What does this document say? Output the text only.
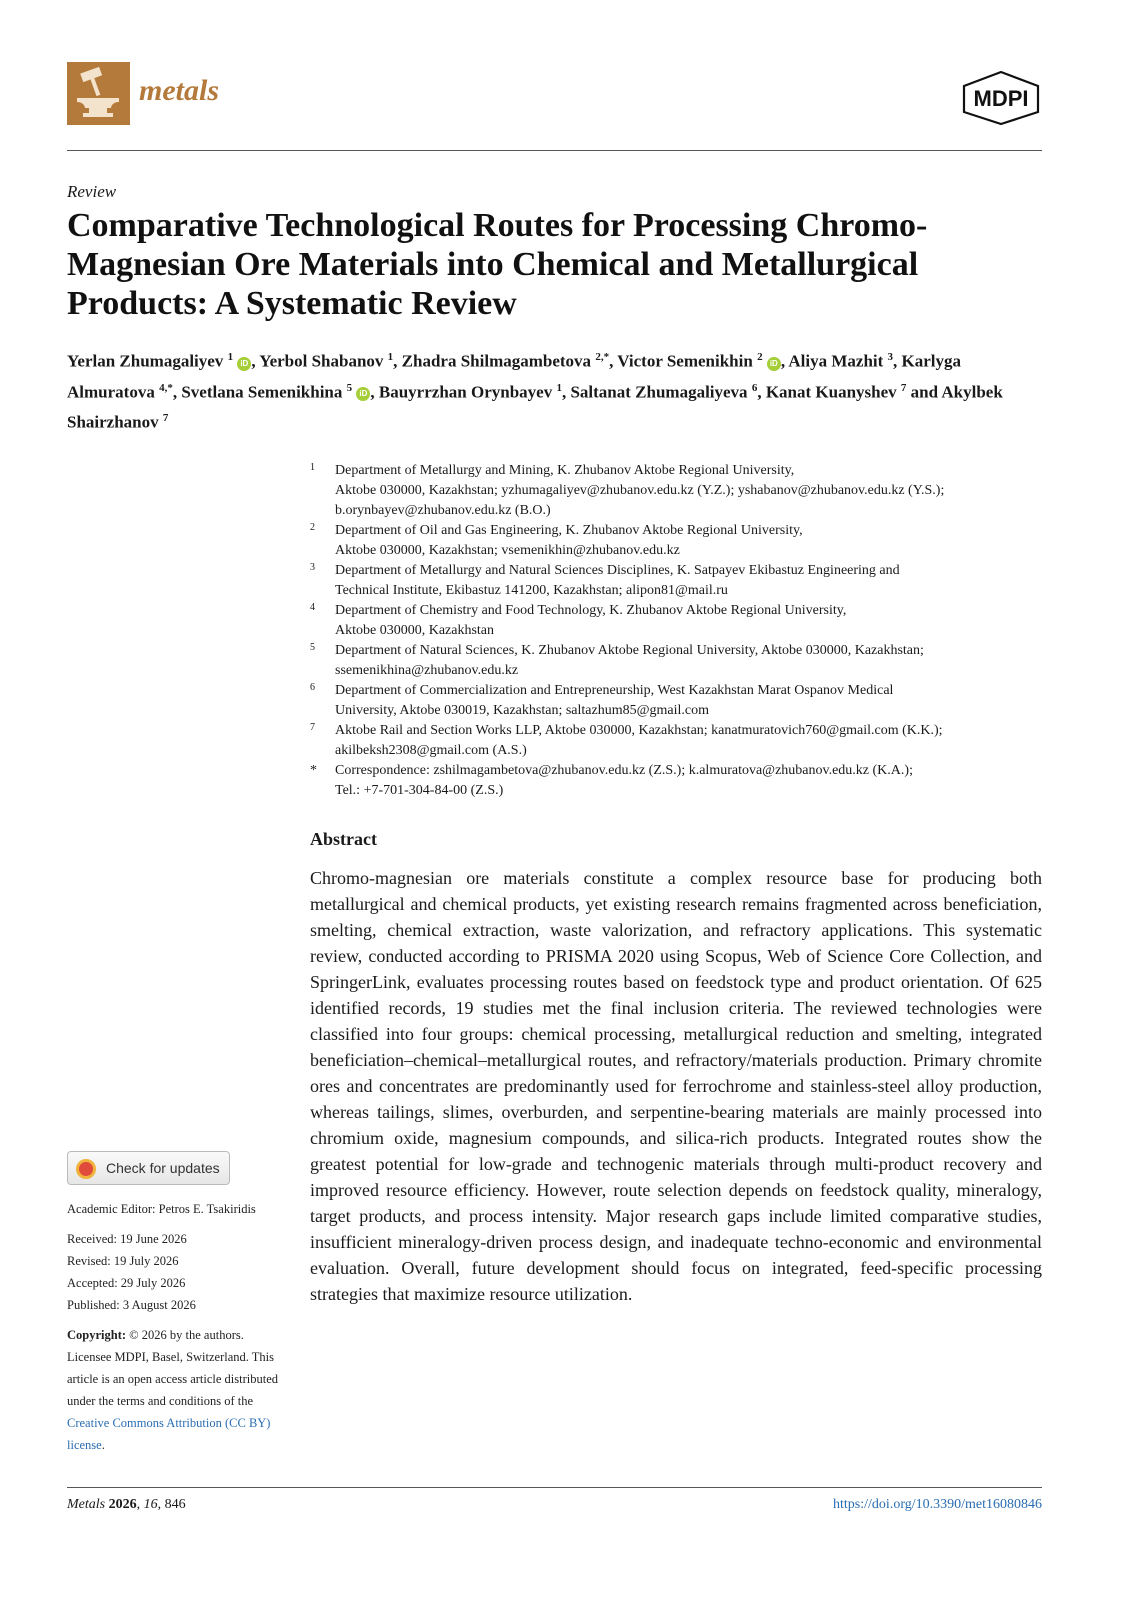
metals	MDPI
Review
Comparative Technological Routes for Processing Chromo-Magnesian Ore Materials into Chemical and Metallurgical Products: A Systematic Review
Yerlan Zhumagaliyev $^1$ iD , Yerbol Shabanov $^1$, Zhadra Shilmagambetova $^{2,*}$, Victor Semenikhin $^2$ iD , Aliya Mazhit $^3$, Karlyga Almuratova $^{4,*}$, Svetlana Semenikhina $^5$ iD , Bauyrrzhan Orynbayev $^1$, Saltanat Zhumagaliyeva $^6$, Kanat Kuanyshev $^7$ and Akylbek Shairzhanov $^7$
1 Department of Metallurgy and Mining, K. Zhubanov Aktobe Regional University,
Aktobe 030000, Kazakhstan; yzhumagaliyev@zhubanov.edu.kz (Y.Z.); yshabanov@zhubanov.edu.kz (Y.S.);
b.orynbayev@zhubanov.edu.kz (B.O.)
2 Department of Oil and Gas Engineering, K. Zhubanov Aktobe Regional University,
Aktobe 030000, Kazakhstan; vsemenikhin@zhubanov.edu.kz
3 Department of Metallurgy and Natural Sciences Disciplines, K. Satpayev Ekibastuz Engineering and
Technical Institute, Ekibastuz 141200, Kazakhstan; alipon81@mail.ru
4 Department of Chemistry and Food Technology, K. Zhubanov Aktobe Regional University,
Aktobe 030000, Kazakhstan
5 Department of Natural Sciences, K. Zhubanov Aktobe Regional University, Aktobe 030000, Kazakhstan;
ssemenikhina@zhubanov.edu.kz
6 Department of Commercialization and Entrepreneurship, West Kazakhstan Marat Ospanov Medical
University, Aktobe 030019, Kazakhstan; saltazhum85@gmail.com
7 Aktobe Rail and Section Works LLP, Aktobe 030000, Kazakhstan; kanatmuratovich760@gmail.com (K.K.);
akilbeksh2308@gmail.com (A.S.)
* Correspondence: zshilmagambetova@zhubanov.edu.kz (Z.S.); k.almuratova@zhubanov.edu.kz (K.A.);
Tel.: +7-701-304-84-00 (Z.S.)
Abstract
Chromo-magnesian ore materials constitute a complex resource base for producing both metallurgical and chemical products, yet existing research remains fragmented across beneficiation, smelting, chemical extraction, waste valorization, and refractory applications. This systematic review, conducted according to PRISMA 2020 using Scopus, Web of Science Core Collection, and SpringerLink, evaluates processing routes based on feedstock type and product orientation. Of 625 identified records, 19 studies met the final inclusion criteria. The reviewed technologies were classified into four groups: chemical processing, metallurgical reduction and smelting, integrated beneficiation–chemical–metallurgical routes, and refractory/materials production. Primary chromite ores and concentrates are predominantly used for ferrochrome and stainless-steel alloy production, whereas tailings, slimes, overburden, and serpentine-bearing materials are mainly processed into chromium oxide, magnesium compounds, and silica-rich products. Integrated routes show the greatest potential for low-grade and technogenic materials through multi-product recovery and improved resource efficiency. However, route selection depends on feedstock quality, mineralogy, target products, and process intensity. Major research gaps include limited comparative studies, insufficient mineralogy-driven process design, and inadequate techno-economic and environmental evaluation. Overall, future development should focus on integrated, feed-specific processing strategies that maximize resource utilization.
Check for updates
Academic Editor: Petros E. Tsakiridis
Received: 19 June 2026
Revised: 19 July 2026
Accepted: 29 July 2026
Published: 3 August 2026
Copyright: © 2026 by the authors. Licensee MDPI, Basel, Switzerland. This article is an open access article distributed under the terms and conditions of the Creative Commons Attribution (CC BY) license.
Metals 2026, 16, 846	https://doi.org/10.3390/met16080846
